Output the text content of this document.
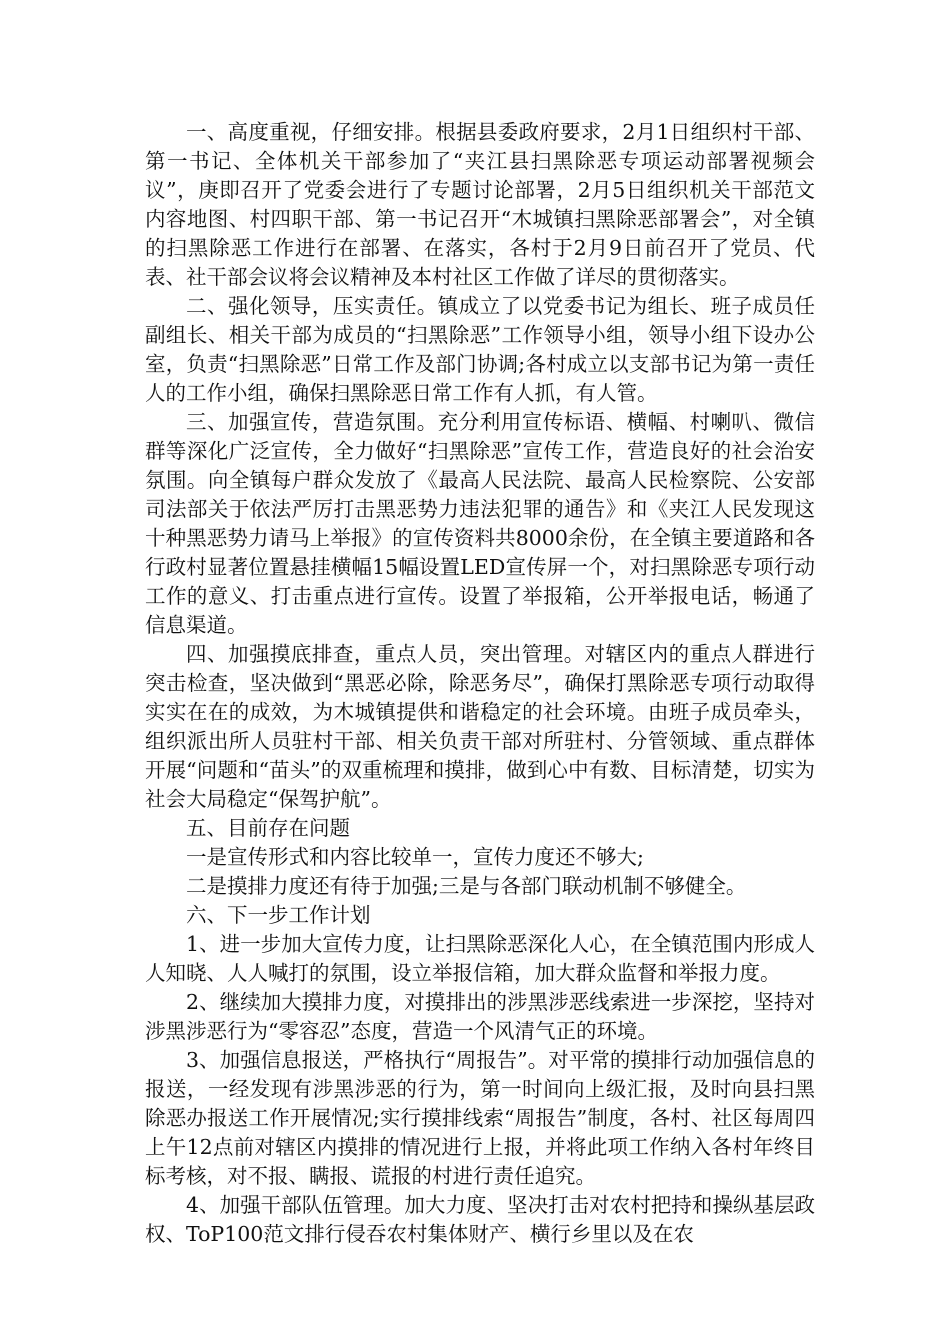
一、高度重视，仔细安排。根据县委政府要求，2月1日组织村干部、第一书记、全体机关干部参加了“夹江县扫黑除恶专项运动部署视频会议”，庚即召开了党委会进行了专题讨论部署，2月5日组织机关干部范文内容地图、村四职干部、第一书记召开“木城镇扫黑除恶部署会”，对全镇的扫黑除恶工作进行在部署、在落实，各村于2月9日前召开了党员、代表、社干部会议将会议精神及本村社区工作做了详尽的贯彻落实。

二、强化领导，压实责任。镇成立了以党委书记为组长、班子成员任副组长、相关干部为成员的“扫黑除恶”工作领导小组，领导小组下设办公室，负责“扫黑除恶”日常工作及部门协调;各村成立以支部书记为第一责任人的工作小组，确保扫黑除恶日常工作有人抓，有人管。

三、加强宣传，营造氛围。充分利用宣传标语、横幅、村喇叭、微信群等深化广泛宣传，全力做好“扫黑除恶”宣传工作，营造良好的社会治安氛围。向全镇每户群众发放了《最高人民法院、最高人民检察院、公安部司法部关于依法严厉打击黑恶势力违法犯罪的通告》和《夹江人民发现这十种黑恶势力请马上举报》的宣传资料共8000余份，在全镇主要道路和各行政村显著位置悬挂横幅15幅设置LED宣传屏一个，对扫黑除恶专项行动工作的意义、打击重点进行宣传。设置了举报箱，公开举报电话，畅通了信息渠道。

四、加强摸底排查，重点人员，突出管理。对辖区内的重点人群进行突击检查，坚决做到“黑恶必除，除恶务尽”，确保打黑除恶专项行动取得实实在在的成效，为木城镇提供和谐稳定的社会环境。由班子成员牵头，组织派出所人员驻村干部、相关负责干部对所驻村、分管领域、重点群体开展“问题和“苗头”的双重梳理和摸排，做到心中有数、目标清楚，切实为社会大局稳定“保驾护航”。

五、目前存在问题

一是宣传形式和内容比较单一，宣传力度还不够大;

二是摸排力度还有待于加强;三是与各部门联动机制不够健全。

六、下一步工作计划

1、进一步加大宣传力度，让扫黑除恶深化人心，在全镇范围内形成人人知晓、人人喊打的氛围，设立举报信箱，加大群众监督和举报力度。

2、继续加大摸排力度，对摸排出的涉黑涉恶线索进一步深挖，坚持对涉黑涉恶行为“零容忍”态度，营造一个风清气正的环境。

3、加强信息报送，严格执行“周报告”。对平常的摸排行动加强信息的报送，一经发现有涉黑涉恶的行为，第一时间向上级汇报，及时向县扫黑除恶办报送工作开展情况;实行摸排线索“周报告”制度，各村、社区每周四上午12点前对辖区内摸排的情况进行上报，并将此项工作纳入各村年终目标考核，对不报、瞒报、谎报的村进行责任追究。

4、加强干部队伍管理。加大力度、坚决打击对农村把持和操纵基层政权、ToP100范文排行侵吞农村集体财产、横行乡里以及在农
